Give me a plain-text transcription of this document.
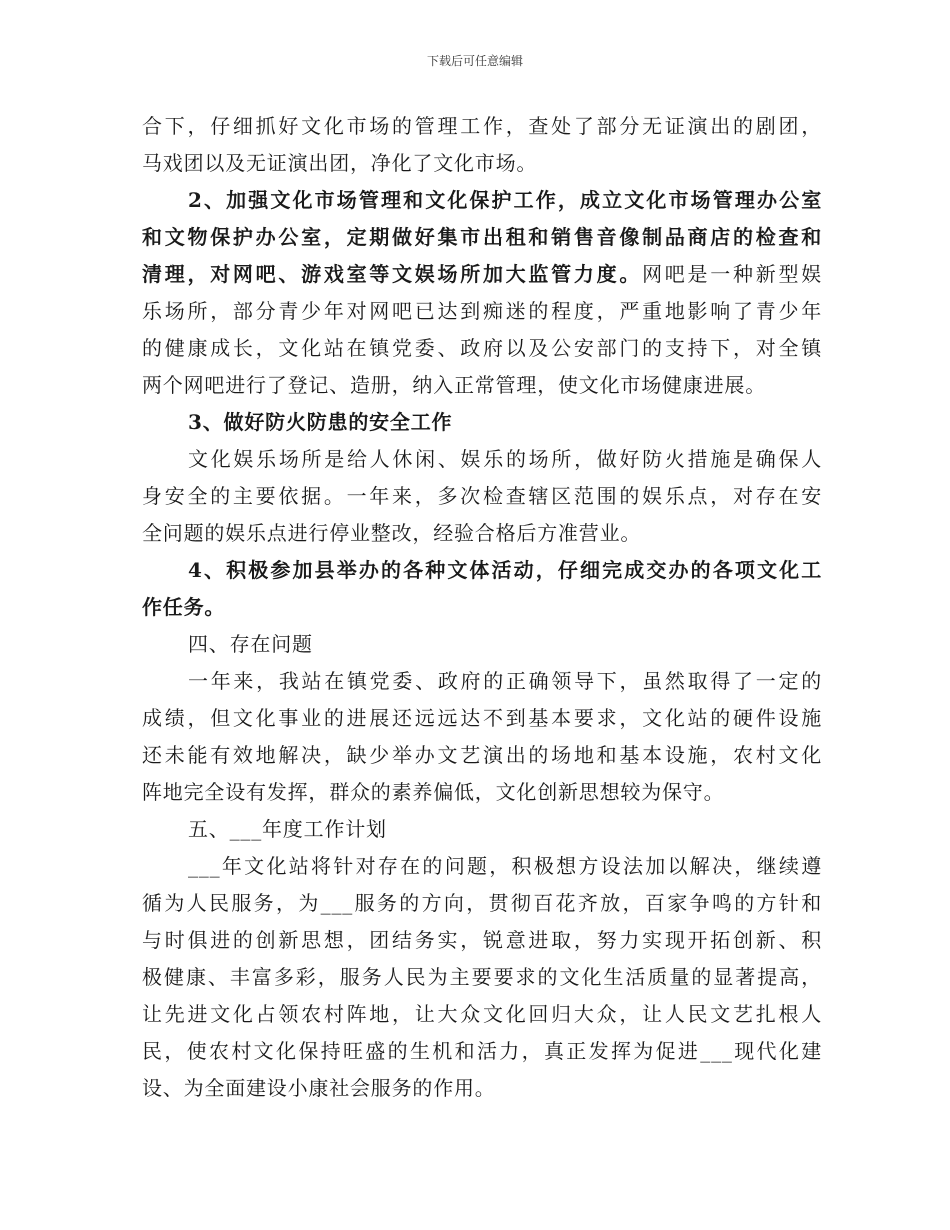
下载后可任意编辑
合下，仔细抓好文化市场的管理工作，查处了部分无证演出的剧团，
马戏团以及无证演出团，净化了文化市场。
2、加强文化市场管理和文化保护工作，成立文化市场管理办公室
和文物保护办公室，定期做好集市出租和销售音像制品商店的检查和
清理，对网吧、游戏室等文娱场所加大监管力度。网吧是一种新型娱
乐场所，部分青少年对网吧已达到痴迷的程度，严重地影响了青少年
的健康成长，文化站在镇党委、政府以及公安部门的支持下，对全镇
两个网吧进行了登记、造册，纳入正常管理，使文化市场健康进展。
3、做好防火防患的安全工作
文化娱乐场所是给人休闲、娱乐的场所，做好防火措施是确保人
身安全的主要依据。一年来，多次检查辖区范围的娱乐点，对存在安
全问题的娱乐点进行停业整改，经验合格后方准营业。
4、积极参加县举办的各种文体活动，仔细完成交办的各项文化工
作任务。
四、存在问题
一年来，我站在镇党委、政府的正确领导下，虽然取得了一定的
成绩，但文化事业的进展还远远达不到基本要求，文化站的硬件设施
还未能有效地解决，缺少举办文艺演出的场地和基本设施，农村文化
阵地完全设有发挥，群众的素养偏低，文化创新思想较为保守。
五、___年度工作计划
___年文化站将针对存在的问题，积极想方设法加以解决，继续遵
循为人民服务，为___服务的方向，贯彻百花齐放，百家争鸣的方针和
与时俱进的创新思想，团结务实，锐意进取，努力实现开拓创新、积
极健康、丰富多彩，服务人民为主要要求的文化生活质量的显著提高，
让先进文化占领农村阵地，让大众文化回归大众，让人民文艺扎根人
民，使农村文化保持旺盛的生机和活力，真正发挥为促进___现代化建
设、为全面建设小康社会服务的作用。
